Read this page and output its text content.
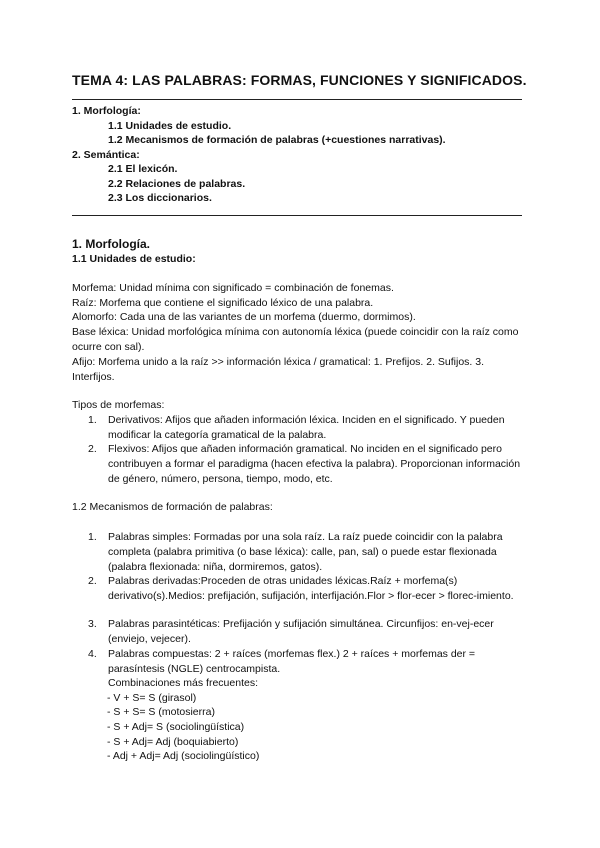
TEMA 4: LAS PALABRAS: FORMAS, FUNCIONES Y SIGNIFICADOS.
1. Morfología:
1.1 Unidades de estudio.
1.2 Mecanismos de formación de palabras (+cuestiones narrativas).
2. Semántica:
2.1 El lexicón.
2.2 Relaciones de palabras.
2.3 Los diccionarios.
1. Morfología.
1.1 Unidades de estudio:
Morfema: Unidad mínima con significado = combinación de fonemas.
Raíz: Morfema que contiene el significado léxico de una palabra.
Alomorfo: Cada una de las variantes de un morfema (duermo, dormimos).
Base léxica: Unidad morfológica mínima con autonomía léxica (puede coincidir con la raíz como ocurre con sal).
Afijo: Morfema unido a la raíz >> información léxica / gramatical: 1. Prefijos. 2. Sufijos. 3. Interfijos.
Tipos de morfemas:
1. Derivativos: Afijos que añaden información léxica. Inciden en el significado. Y pueden modificar la categoría gramatical de la palabra.
2. Flexivos: Afijos que añaden información gramatical. No inciden en el significado pero contribuyen a formar el paradigma (hacen efectiva la palabra). Proporcionan información de género, número, persona, tiempo, modo, etc.
1.2 Mecanismos de formación de palabras:
1. Palabras simples: Formadas por una sola raíz. La raíz puede coincidir con la palabra completa (palabra primitiva (o base léxica): calle, pan, sal) o puede estar flexionada (palabra flexionada: niña, dormiremos, gatos).
2. Palabras derivadas:Proceden de otras unidades léxicas.Raíz + morfema(s) derivativo(s).Medios: prefijación, sufijación, interfijación.Flor > flor-ecer > florec-imiento.
3. Palabras parasintéticas: Prefijación y sufijación simultánea. Circunfijos: en-vej-ecer (enviejo, vejecer).
4. Palabras compuestas: 2 + raíces (morfemas flex.) 2 + raíces + morfemas der = parasíntesis (NGLE) centrocampista.
Combinaciones más frecuentes:
- V + S= S (girasol)
- S + S= S (motosierra)
- S + Adj= S (sociolingüística)
- S + Adj= Adj (boquiabierto)
- Adj + Adj= Adj (sociolingüístico)
